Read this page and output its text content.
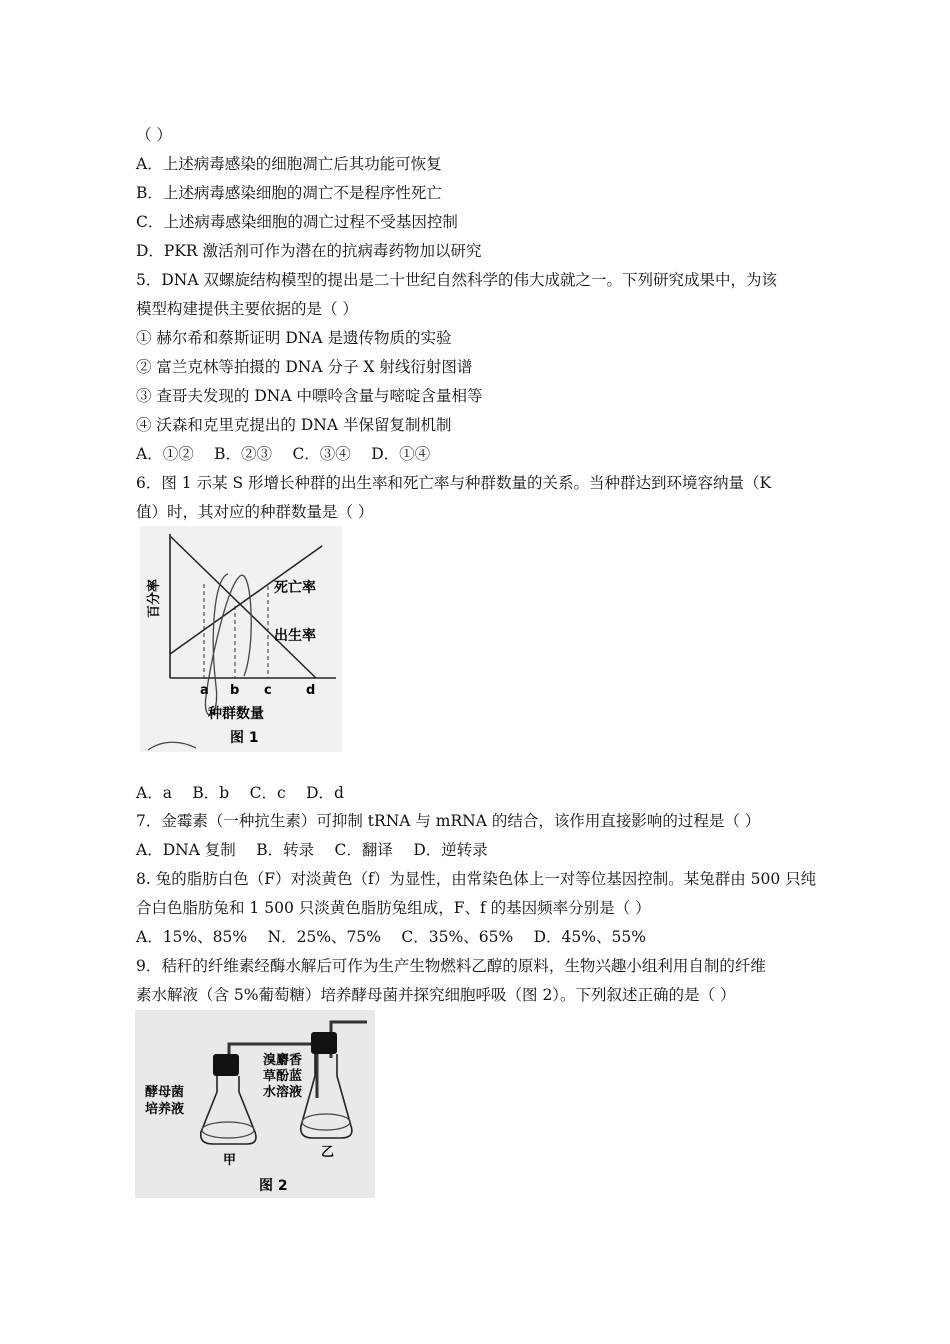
（ ）
A．上述病毒感染的细胞凋亡后其功能可恢复
B．上述病毒感染细胞的凋亡不是程序性死亡
C．上述病毒感染细胞的凋亡过程不受基因控制
D．PKR 激活剂可作为潜在的抗病毒药物加以研究
5．DNA 双螺旋结构模型的提出是二十世纪自然科学的伟大成就之一。下列研究成果中，为该
模型构建提供主要依据的是（ ）
① 赫尔希和蔡斯证明 DNA 是遗传物质的实验
② 富兰克林等拍摄的 DNA 分子 X 射线衍射图谱
③ 查哥夫发现的 DNA 中嘌呤含量与嘧啶含量相等
④ 沃森和克里克提出的 DNA 半保留复制机制
A．①②　 B．②③　 C．③④　 D．①④
6．图 1 示某 S 形增长种群的出生率和死亡率与种群数量的关系。当种群达到环境容纳量（K
值）时，其对应的种群数量是（ ）
百分率	死亡率
出生率
a b c	d
种群数量
图 1
A．a　 B．b　 C．c　 D．d
7．金霉素（一种抗生素）可抑制 tRNA 与 mRNA 的结合，该作用直接影响的过程是（ ）
A．DNA 复制　 B．转录　 C．翻译　 D．逆转录
8. 兔的脂肪白色（F）对淡黄色（f）为显性，由常染色体上一对等位基因控制。某兔群由 500 只纯
合白色脂肪兔和 1 500 只淡黄色脂肪兔组成，F、f 的基因频率分别是（ ）
A．15%、85%　 N．25%、75%　 C．35%、65%　 D．45%、55%
9．秸秆的纤维素经酶水解后可作为生产生物燃料乙醇的原料，生物兴趣小组利用自制的纤维
素水解液（含 5%葡萄糖）培养酵母菌并探究细胞呼吸（图 2）。下列叙述正确的是（ ）
酵母菌
培养液
溴麝香
草酚蓝
水溶液
甲
乙
图 2
